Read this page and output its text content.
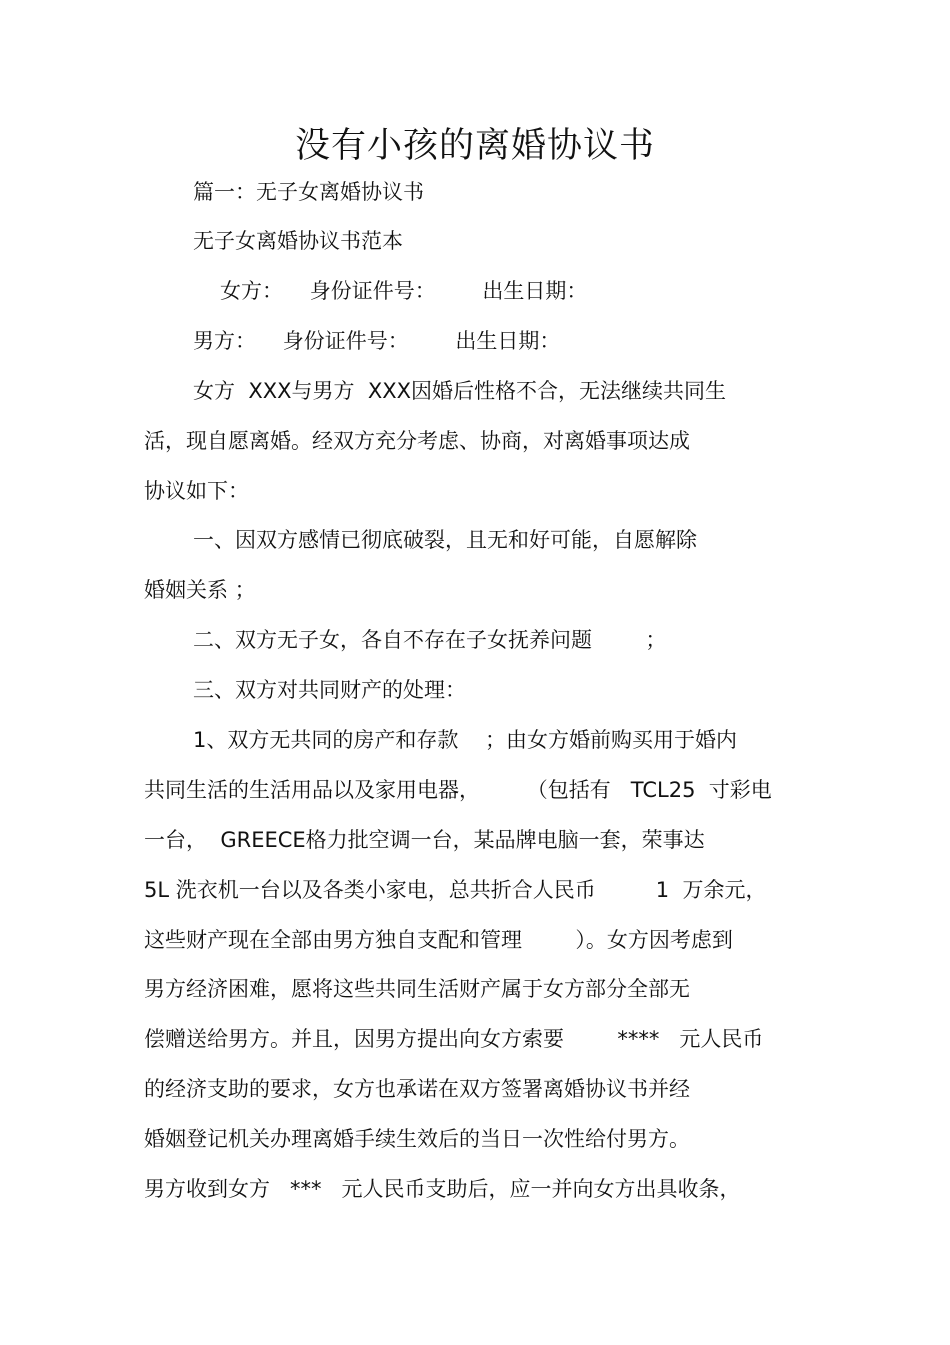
没有小孩的离婚协议书
篇一：无子女离婚协议书
无子女离婚协议书范本
女方：    身份证件号：       出生日期：
男方：    身份证件号：       出生日期：
女方  XXX与男方  XXX因婚后性格不合，无法继续共同生
活，现自愿离婚。经双方充分考虑、协商，对离婚事项达成
协议如下：
一、因双方感情已彻底破裂，且无和好可能，自愿解除
婚姻关系 ；
二、双方无子女，各自不存在子女抚养问题        ；
三、双方对共同财产的处理：
1、双方无共同的房产和存款    ；由女方婚前购买用于婚内
共同生活的生活用品以及家用电器，       （包括有   TCL25  寸彩电
一台，  GREECE格力批空调一台，某品牌电脑一套，荣事达
5L 洗衣机一台以及各类小家电，总共折合人民币         1  万余元，
这些财产现在全部由男方独自支配和管理        ）。女方因考虑到
男方经济困难，愿将这些共同生活财产属于女方部分全部无
偿赠送给男方。并且，因男方提出向女方索要        ****   元人民币
的经济支助的要求，女方也承诺在双方签署离婚协议书并经
婚姻登记机关办理离婚手续生效后的当日一次性给付男方。
男方收到女方   ***   元人民币支助后，应一并向女方出具收条，
